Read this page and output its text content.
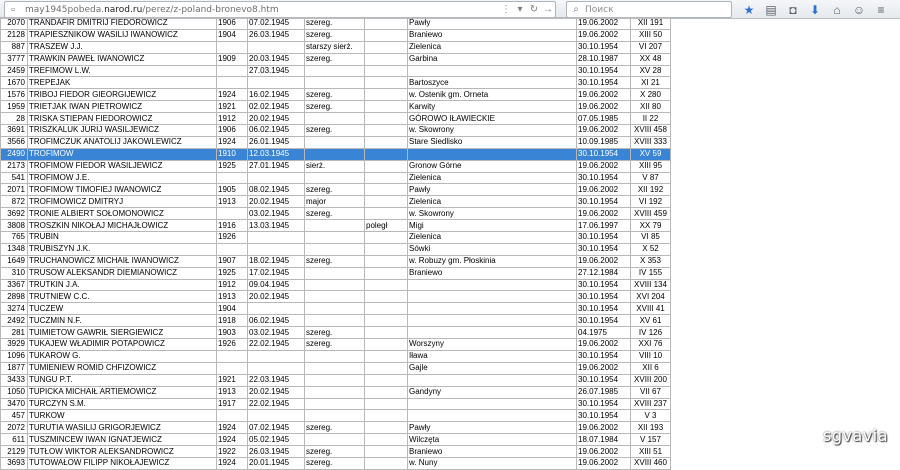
▫	may1945pobeda.narod.ru/perez/z-poland-bronevo8.htm	⋮ ▾ ↻ →	⌕
Поиск	★ ▤	◘	⬇	⌂	☺	≡
2070	TRANDAFIR DMITRIJ FIEDOROWICZ	1906	07.02.1945	szereg.		Pawły	19.06.2002	XII 191
2128	TRAPIESZNIKOW WASILIJ IWANOWICZ	1904	26.03.1945	szereg.		Braniewo	19.06.2002	XIII 50
887	TRASZEW J.J.			starszy sierż.		Zielenica	30.10.1954	VI 207
3777	TRAWKIN PAWEŁ IWANOWICZ	1909	20.03.1945	szereg.		Garbina	28.10.1987	XX 48
2459	TREFIMOW L.W.		27.03.1945				30.10.1954	XV 28
1670	TREPEJAK					Bartoszyce	30.10.1954	XI 21
1576	TRIBOJ FIEDOR GIEORGIJEWICZ	1924	16.02.1945	szereg.		w. Ostenik gm. Orneta	19.06.2002	X 280
1959	TRIETJAK IWAN PIETROWICZ	1921	02.02.1945	szereg.		Karwity	19.06.2002	XII 80
28	TRISKA STIEPAN FIEDOROWICZ	1912	20.02.1945			GÓROWO IŁAWIECKIE	07.05.1985	II 22
3691	TRISZKALUK JURIJ WASILJEWICZ	1906	06.02.1945	szereg.		w. Skowrony	19.06.2002	XVIII 458
3566	TROFIMCZUK ANATOLIJ JAKOWLEWICZ	1924	26.01.1945			Stare Siedlisko	10.09.1985	XVIII 333
2490	TROFIMOW	1910	12.03.1945				30.10.1954	XV 59
2173	TROFIMOW FIEDOR WASILJEWICZ	1925	27.01.1945	sierż.		Gronow Górne	19.06.2002	XIII 95
541	TROFIMOW J.E.					Zielenica	30.10.1954	V 87
2071	TROFIMOW TIMOFIEJ IWANOWICZ	1905	08.02.1945	szereg.		Pawły	19.06.2002	XII 192
872	TROFIMOWICZ DMITRYJ	1913	20.02.1945	major		Zielenica	30.10.1954	VI 192
3692	TRONIE ALBIERT SOŁOMONOWICZ		03.02.1945	szereg.		w. Skowrony	19.06.2002	XVIII 459
3808	TROSZKIN NIKOŁAJ MICHAJŁOWICZ	1916	13.03.1945		poległ	Migi	17.06.1997	XX 79
765	TRUBIN	1926				Zielenica	30.10.1954	VI 85
1348	TRUBISZYN J.K.					Sówki	30.10.1954	X 52
1649	TRUCHANOWICZ MICHAIŁ IWANOWICZ	1907	18.02.1945	szereg.		w. Robuzy gm. Płoskinia	19.06.2002	X 353
310	TRUSOW ALEKSANDR DIEMIANOWICZ	1925	17.02.1945			Braniewo	27.12.1984	IV 155
3367	TRUTKIN J.A.	1912	09.04.1945				30.10.1954	XVIII 134
2898	TRUTNIEW C.C.	1913	20.02.1945				30.10.1954	XVI 204
3274	TUCZEW	1904					30.10.1954	XVIII 41
2492	TUCZMIN N.F.	1918	06.02.1945				30.10.1954	XV 61
281	TUIMIETOW GAWRIŁ SIERGIEWICZ	1903	03.02.1945	szereg.			04.1975	IV 126
3929	TUKAJEW WŁADIMIR POTAPOWICZ	1926	22.02.1945	szereg.		Worszyny	19.06.2002	XXI 76
1096	TUKAROW G.					Iława	30.10.1954	VIII 10
1877	TUMIENIEW ROMID CHFIZOWICZ					Gajle	19.06.2002	XII 6
3433	TUNGU P.T.	1921	22.03.1945				30.10.1954	XVIII 200
1050	TUPICKA MICHAIŁ ARTIEMOWICZ	1913	20.02.1945			Gandyny	26.07.1985	VII 67
3470	TURCZYN S.M.	1917	22.02.1945				30.10.1954	XVIII 237
457	TURKOW						30.10.1954	V 3
2072	TURUTIA WASILIJ GRIGORJEWICZ	1924	07.02.1945	szereg.		Pawły	19.06.2002	XII 193
611	TUSZMINCEW IWAN IGNATJEWICZ	1924	05.02.1945			Wilczęta	18.07.1984	V 157
2129	TUTŁOW WIKTOR ALEKSANDROWICZ	1922	26.03.1945	szereg.		Braniewo	19.06.2002	XIII 51
3693	TUTOWAŁOW FILIPP NIKOŁAJEWICZ	1924	20.01.1945	szereg.		w. Nuny	19.06.2002	XVIII 460
sgvavia
